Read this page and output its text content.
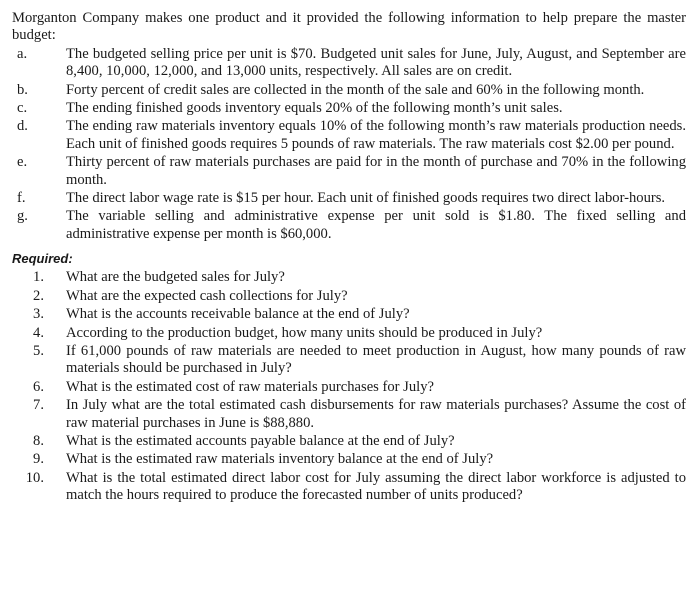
Morganton Company makes one product and it provided the following information to help prepare the master budget:

a.	The budgeted selling price per unit is $70. Budgeted unit sales for June, July, August, and September are 8,400, 10,000, 12,000, and 13,000 units, respectively. All sales are on credit.
b.	Forty percent of credit sales are collected in the month of the sale and 60% in the following month.
c.	The ending finished goods inventory equals 20% of the following month’s unit sales.
d.	The ending raw materials inventory equals 10% of the following month’s raw materials production needs. Each unit of finished goods requires 5 pounds of raw materials. The raw materials cost $2.00 per pound.
e.	Thirty percent of raw materials purchases are paid for in the month of purchase and 70% in the following month.
f.	The direct labor wage rate is $15 per hour. Each unit of finished goods requires two direct labor-hours.
g.	The variable selling and administrative expense per unit sold is $1.80. The fixed selling and administrative expense per month is $60,000.
Required:
1.	What are the budgeted sales for July?
2.	What are the expected cash collections for July?
3.	What is the accounts receivable balance at the end of July?
4.	According to the production budget, how many units should be produced in July?
5.	If 61,000 pounds of raw materials are needed to meet production in August, how many pounds of raw materials should be purchased in July?
6.	What is the estimated cost of raw materials purchases for July?
7.	In July what are the total estimated cash disbursements for raw materials purchases? Assume the cost of raw material purchases in June is $88,880.
8.	What is the estimated accounts payable balance at the end of July?
9.	What is the estimated raw materials inventory balance at the end of July?
10.	What is the total estimated direct labor cost for July assuming the direct labor workforce is adjusted to match the hours required to produce the forecasted number of units produced?
